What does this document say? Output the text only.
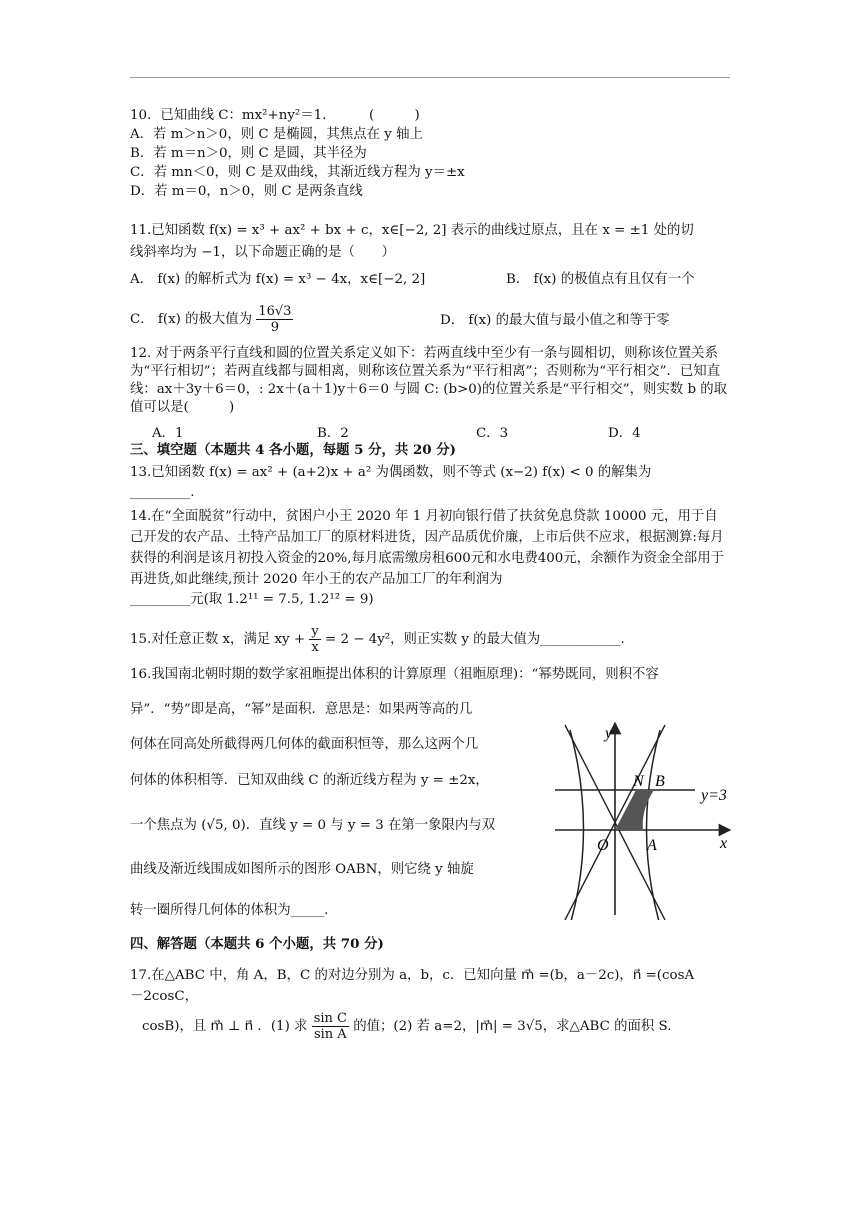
10．已知曲线 C：mx²+ny²＝1．　　　(　　　)
A．若 m＞n＞0，则 C 是椭圆，其焦点在 y 轴上
B．若 m＝n＞0，则 C 是圆，其半径为
C．若 mn＜0，则 C 是双曲线，其渐近线方程为 y＝±x
D．若 m＝0，n＞0，则 C 是两条直线
11.已知函数 f(x) = x³ + ax² + bx + c，x∈[−2, 2] 表示的曲线过原点，且在 x = ±1 处的切
线斜率均为 −1，以下命题正确的是（　　）
A． f(x) 的解析式为 f(x) = x³ − 4x，x∈[−2, 2]	B． f(x) 的极值点有且仅有一个
C． f(x) 的极大值为 $\frac{16√3}{9}$	D． f(x) 的最大值与最小值之和等于零
12. 对于两条平行直线和圆的位置关系定义如下：若两直线中至少有一条与圆相切，则称该位置关系为“平行相切”；若两直线都与圆相离，则称该位置关系为“平行相离”；否则称为“平行相交”．已知直线：ax＋3y＋6＝0，: 2x＋(a＋1)y＋6＝0 与圆 C: (b>0)的位置关系是“平行相交”，则实数 b 的取值可以是(　　　)
A．1	B．2	C．3	D．4
三、填空题（本题共 4 各小题，每题 5 分，共 20 分)
13.已知函数 f(x) = ax² + (a+2)x + a² 为偶函数，则不等式 (x−2) f(x) < 0 的解集为
_________.
14.在“全面脱贫”行动中，贫困户小王 2020 年 1 月初向银行借了扶贫免息贷款 10000 元，用于自己开发的农产品、土特产品加工厂的原材料进货，因产品质优价廉，上市后供不应求，根据测算:每月获得的利润是该月初投入资金的20%,每月底需缴房租600元和水电费400元，余额作为资金全部用于再进货,如此继续,预计 2020 年小王的农产品加工厂的年利润为
_________元(取 1.2¹¹ = 7.5, 1.2¹² = 9)
15.对任意正数 x，满足 xy + $\frac{y}{x} = 2 - 4y^2$，则正实数 y 的最大值为____________.
16.我国南北朝时期的数学家祖暅提出体积的计算原理（祖暅原理)：“幂势既同，则积不容
异”．“势”即是高，“幂”是面积．意思是：如果两等高的几
何体在同高处所截得两几何体的截面积恒等，那么这两个几
何体的体积相等．已知双曲线 C 的渐近线方程为 y = ±2x，
一个焦点为 (√5, 0)．直线 y = 0 与 y = 3 在第一象限内与双
曲线及渐近线围成如图所示的图形 OABN，则它绕 y 轴旋
转一圈所得几何体的体积为_____.
y
x
O A
B
N
y=3
四、解答题（本题共 6 个小题，共 70 分)
17.在△ABC 中，角 A，B，C 的对边分别为 a，b，c．已知向量 m⃗ =(b，a－2c)，n⃗ =(cosA
－2cosC，
cosB)，且 m⃗ ⊥ n⃗ ．(1) 求 $\frac{\text{sin C}}{\text{sin A}}$ 的值；(2) 若 a=2，|m⃗| = 3√5，求△ABC 的面积 S.
